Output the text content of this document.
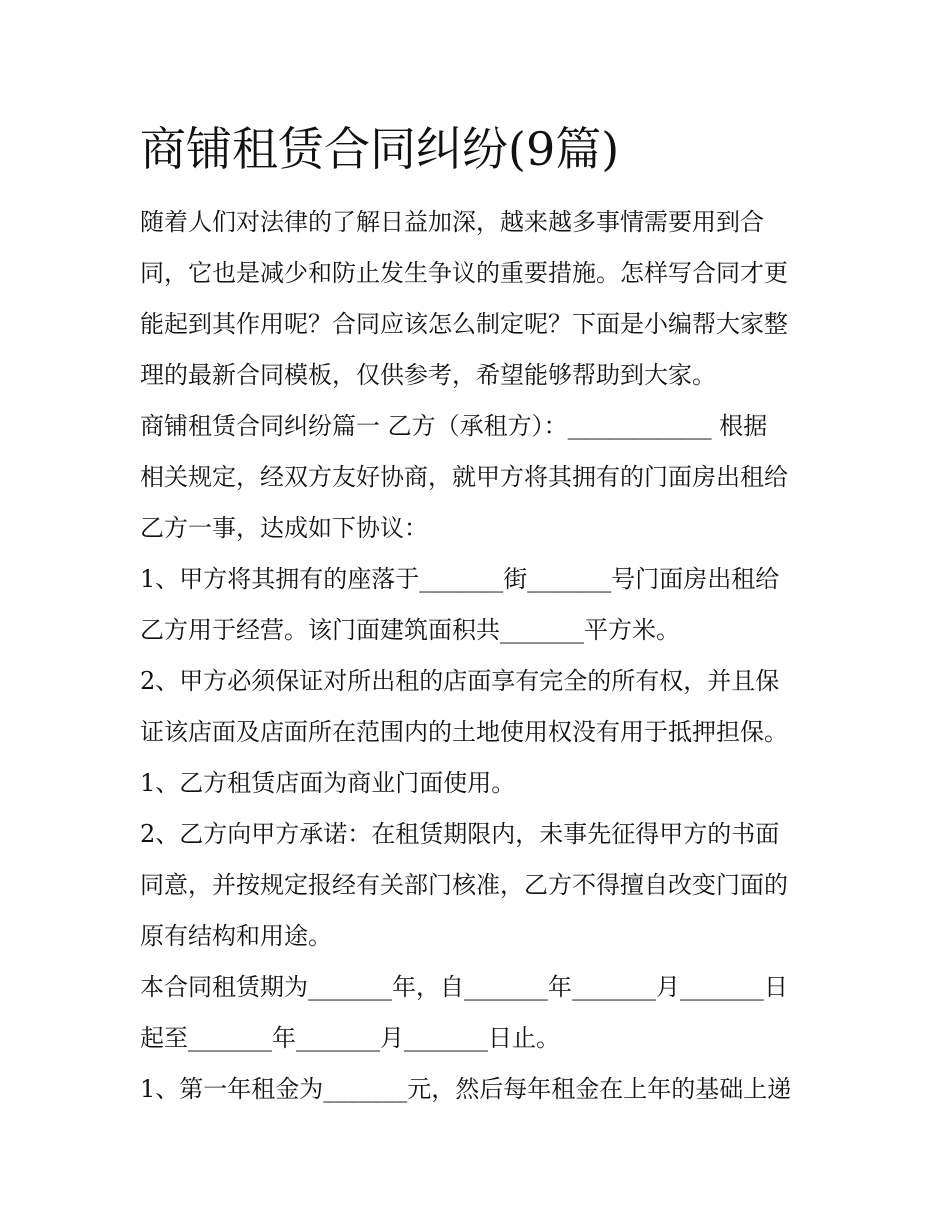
商铺租赁合同纠纷(9篇)

随着人们对法律的了解日益加深，越来越多事情需要用到合

同，它也是减少和防止发生争议的重要措施。怎样写合同才更

能起到其作用呢？合同应该怎么制定呢？下面是小编帮大家整

理的最新合同模板，仅供参考，希望能够帮助到大家。

商铺租赁合同纠纷篇一 乙方（承租方）：____________ 根据

相关规定，经双方友好协商，就甲方将其拥有的门面房出租给

乙方一事，达成如下协议：

1、甲方将其拥有的座落于_______街_______号门面房出租给

乙方用于经营。该门面建筑面积共_______平方米。

2、甲方必须保证对所出租的店面享有完全的所有权，并且保

证该店面及店面所在范围内的土地使用权没有用于抵押担保。

1、乙方租赁店面为商业门面使用。

2、乙方向甲方承诺：在租赁期限内，未事先征得甲方的书面

同意，并按规定报经有关部门核准，乙方不得擅自改变门面的

原有结构和用途。

本合同租赁期为_______年，自_______年_______月_______日

起至_______年_______月_______日止。

1、第一年租金为_______元，然后每年租金在上年的基础上递
